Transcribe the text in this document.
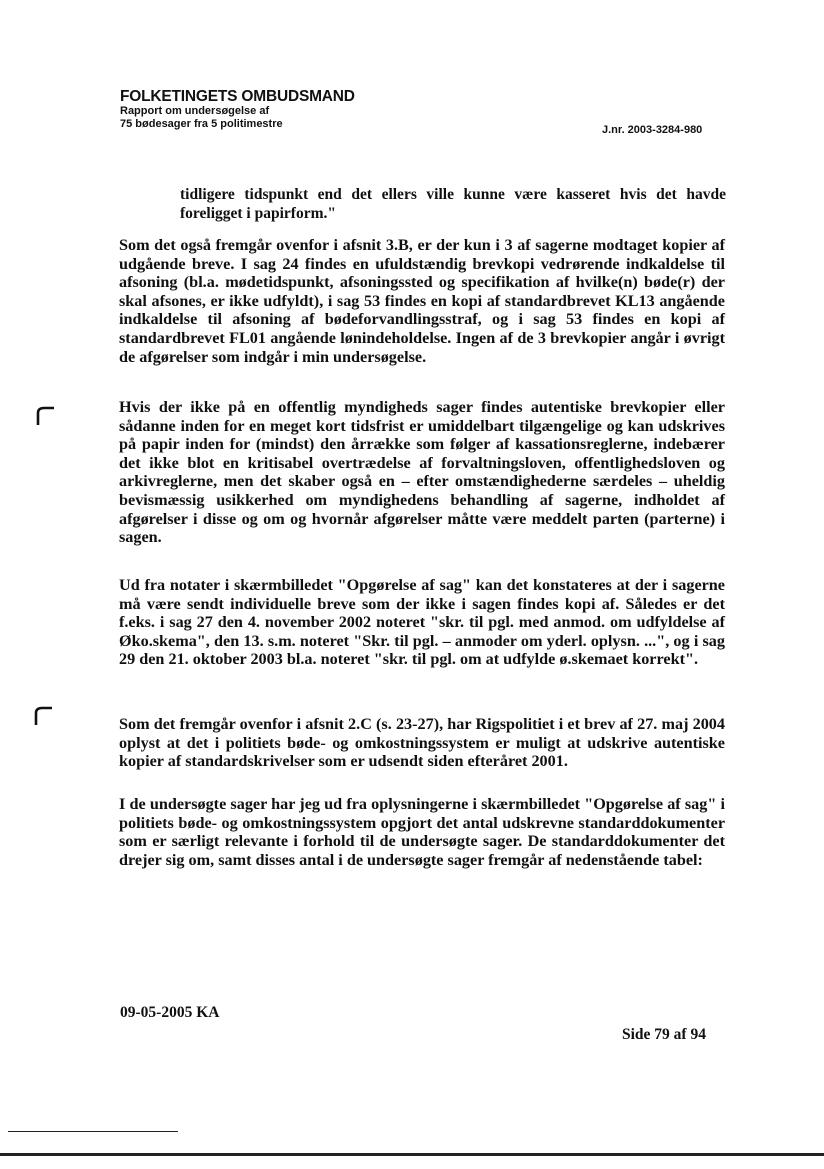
FOLKETINGETS OMBUDSMAND
Rapport om undersøgelse af
75 bødesager fra 5 politimestre	J.nr. 2003-3284-980

tidligere tidspunkt end det ellers ville kunne være kasseret hvis det havde foreligget i papirform."

Som det også fremgår ovenfor i afsnit 3.B, er der kun i 3 af sagerne modtaget kopier af udgående breve. I sag 24 findes en ufuldstændig brevkopi vedrørende indkaldelse til afsoning (bl.a. mødetidspunkt, afsoningssted og specifikation af hvilke(n) bøde(r) der skal afsones, er ikke udfyldt), i sag 53 findes en kopi af standardbrevet KL13 angående indkaldelse til afsoning af bødeforvandlingsstraf, og i sag 53 findes en kopi af standardbrevet FL01 angående lønindeholdelse. Ingen af de 3 brevkopier angår i øvrigt de afgørelser som indgår i min undersøgelse.

Hvis der ikke på en offentlig myndigheds sager findes autentiske brevkopier eller sådanne inden for en meget kort tidsfrist er umiddelbart tilgængelige og kan udskrives på papir inden for (mindst) den årrække som følger af kassationsreglerne, indebærer det ikke blot en kritisabel overtrædelse af forvaltningsloven, offentlighedsloven og arkivreglerne, men det skaber også en – efter omstændighederne særdeles – uheldig bevismæssig usikkerhed om myndighedens behandling af sagerne, indholdet af afgørelser i disse og om og hvornår afgørelser måtte være meddelt parten (parterne) i sagen.

Ud fra notater i skærmbilledet "Opgørelse af sag" kan det konstateres at der i sagerne må være sendt individuelle breve som der ikke i sagen findes kopi af. Således er det f.eks. i sag 27 den 4. november 2002 noteret "skr. til pgl. med anmod. om udfyldelse af Øko.skema", den 13. s.m. noteret "Skr. til pgl. – anmoder om yderl. oplysn. ...", og i sag 29 den 21. oktober 2003 bl.a. noteret "skr. til pgl. om at udfylde ø.skemaet korrekt".

Som det fremgår ovenfor i afsnit 2.C (s. 23-27), har Rigspolitiet i et brev af 27. maj 2004 oplyst at det i politiets bøde- og omkostningssystem er muligt at udskrive autentiske kopier af standardskrivelser som er udsendt siden efteråret 2001.

I de undersøgte sager har jeg ud fra oplysningerne i skærmbilledet "Opgørelse af sag" i politiets bøde- og omkostningssystem opgjort det antal udskrevne standarddokumenter som er særligt relevante i forhold til de undersøgte sager. De standarddokumenter det drejer sig om, samt disses antal i de undersøgte sager fremgår af nedenstående tabel:

09-05-2005 KA
Side 79 af 94
